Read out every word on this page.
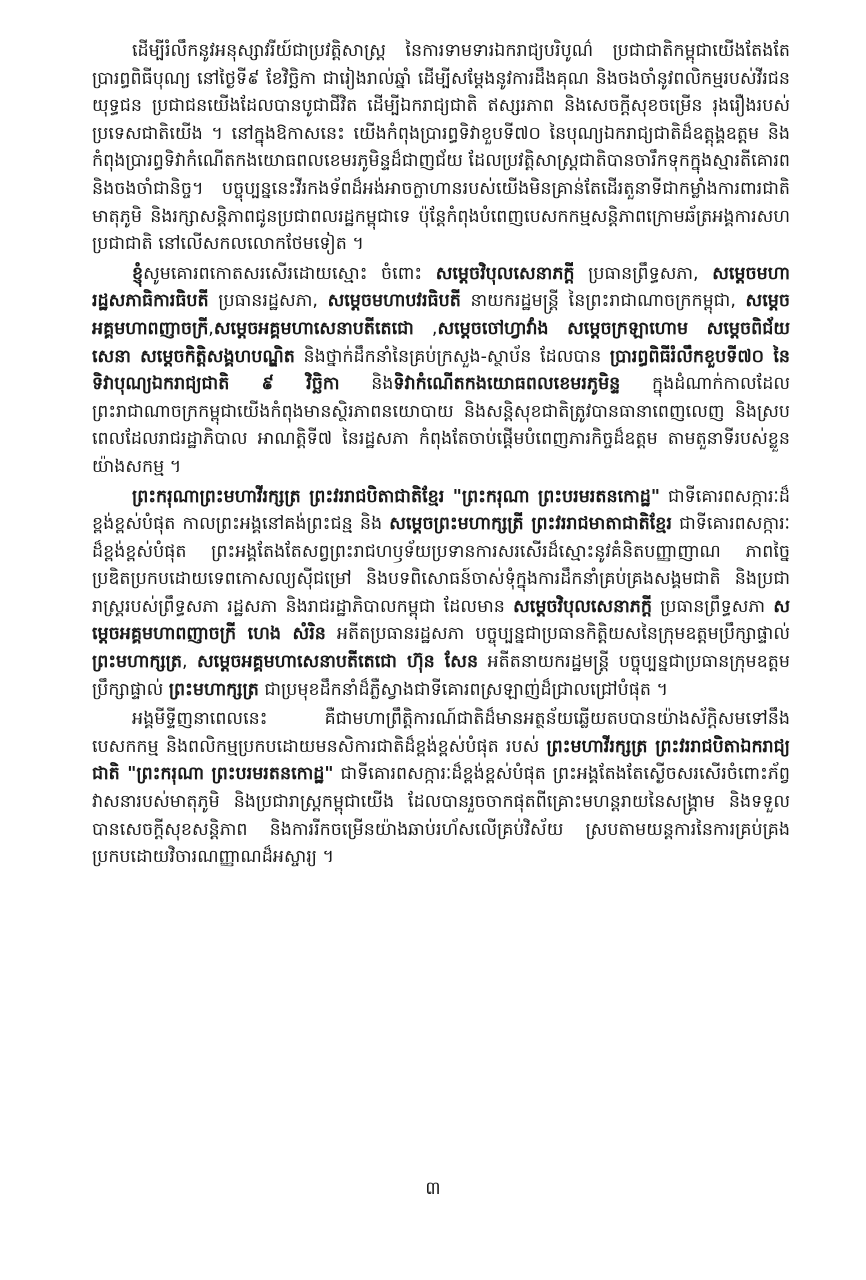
ដើម្បីរំលឹកនូវអនុស្សាវរីយ៍ជាប្រវត្តិសាស្ត្រ នៃការទាមទារឯករាជ្យបរិបូណ៌ ប្រជាជាតិកម្ពុជាយើងតែងតែប្រារព្ធពិធីបុណ្យ នៅថ្ងៃទី៩ ខែវិច្ឆិកា ជារៀងរាល់ឆ្នាំ ដើម្បីសម្តែងនូវការដឹងគុណ និងចងចាំនូវពលិកម្មរបស់វីរជន យុទ្ធជន ប្រជាជនយើងដែលបានបូជាជីវិត ដើម្បីឯករាជ្យជាតិ ឥស្សរភាព និងសេចក្តីសុខចម្រើន រុងរឿងរបស់ប្រទេសជាតិយើង ។ នៅក្នុងឱកាសនេះ យើងកំពុងប្រារព្ធទិវាខួបទី៧០ នៃបុណ្យឯករាជ្យជាតិដ៏ឧត្តុង្គឧត្តម និងកំពុងប្រារព្ធទិវាកំណើតកងយោធពលខេមរភូមិន្ទដ៏ជាញជ័យ ដែលប្រវត្តិសាស្ត្រជាតិបានចារឹកទុកក្នុងស្មារតីគោរព និងចងចាំជានិច្ច។ បច្ចុប្បន្ននេះវីរកងទ័ពដ៏អង់អាចក្លាហានរបស់យើងមិនគ្រាន់តែដើរតួនាទីជាកម្លាំងការពារជាតិមាតុភូមិ និងរក្សាសន្តិភាពជូនប្រជាពលរដ្ឋកម្ពុជាទេ ប៉ុន្តែកំពុងបំពេញបេសកកម្មសន្តិភាពក្រោមឆ័ត្រអង្គការសហប្រជាជាតិ នៅលើសកលលោកថែមទៀត ។

ខ្ញុំសូមគោរពកោតសរសើរដោយស្មោះ ចំពោះ សម្តេចវិបុលសេនាភក្តី ប្រធានព្រឹទ្ធសភា, សម្តេចមហារដ្ឋសភាធិការធិបតី ប្រធានរដ្ឋសភា, សម្តេចមហាបវរធិបតី នាយករដ្ឋមន្ត្រី នៃព្រះរាជាណាចក្រកម្ពុជា, សម្តេចអគ្គមហាពញាចក្រី,សម្តេចអគ្គមហាសេនាបតីតេជោ ,សម្តេចចៅហ្វាវាំង សម្តេចក្រឡាហោម សម្តេចពិជ័យសេនា សម្តេចកិត្តិសង្គហបណ្ឌិត និងថ្នាក់ដឹកនាំនៃគ្រប់ក្រសួង-ស្ថាប័ន ដែលបាន ប្រារព្ធពិធីរំលឹកខួបទី៧០ នៃទិវាបុណ្យឯករាជ្យជាតិ ៩ វិច្ឆិកា និងទិវាកំណើតកងយោធពលខេមរភូមិន្ទ ក្នុងដំណាក់កាលដែលព្រះរាជាណាចក្រកម្ពុជាយើងកំពុងមានស្ថិរភាពនយោបាយ និងសន្តិសុខជាតិត្រូវបានធានាពេញលេញ និងស្របពេលដែលរាជរដ្ឋាភិបាល អាណត្តិទី៧ នៃរដ្ឋសភា កំពុងតែចាប់ផ្តើមបំពេញភារកិច្ចដ៏ឧត្តម តាមតួនាទីរបស់ខ្លួនយ៉ាងសកម្ម ។

ព្រះករុណាព្រះមហាវីរក្សត្រ ព្រះវររាជបិតាជាតិខ្មែរ "ព្រះករុណា ព្រះបរមរតនកោដ្ឋ" ជាទីគោរពសក្ការៈដ៏ខ្ពង់ខ្ពស់បំផុត កាលព្រះអង្គនៅគង់ព្រះជន្ម និង សម្តេចព្រះមហាក្សត្រី ព្រះវររាជមាតាជាតិខ្មែរ ជាទីគោរពសក្ការៈដ៏ខ្ពង់ខ្ពស់បំផុត ព្រះអង្គតែងតែសព្វព្រះរាជហឫទ័យប្រទានការសរសើរដ៏ស្មោះនូវគំនិតបញ្ញាញាណ ភាពច្នៃប្រឌិតប្រកបដោយទេពកោសល្យស៊ីជម្រៅ និងបទពិសោធន៍ចាស់ទុំក្នុងការដឹកនាំគ្រប់គ្រងសង្គមជាតិ និងប្រជារាស្ត្ររបស់ព្រឹទ្ធសភា រដ្ឋសភា និងរាជរដ្ឋាភិបាលកម្ពុជា ដែលមាន សម្តេចវិបុលសេនាភក្តី ប្រធានព្រឹទ្ធសភា សម្តេចអគ្គមហាពញាចក្រី ហេង សំរិន អតីតប្រធានរដ្ឋសភា បច្ចុប្បន្នជាប្រធានកិត្តិយសនៃក្រុមឧត្តមប្រឹក្សាផ្ទាល់ ព្រះមហាក្សត្រ, សម្តេចអគ្គមហាសេនាបតីតេជោ ហ៊ុន សែន អតីតនាយករដ្ឋមន្ត្រី បច្ចុប្បន្នជាប្រធានក្រុមឧត្តមប្រឹក្សាផ្ទាល់ ព្រះមហាក្សត្រ ជាប្រមុខដឹកនាំដ៏ភ្លឺស្វាងជាទីគោរពស្រឡាញ់ដ៏ជ្រាលជ្រៅបំផុត ។

អង្គមីទ្ទីញនាពេលនេះ គឺជាមហាព្រឹត្តិការណ៍ជាតិដ៏មានអត្ថន័យឆ្លើយតបបានយ៉ាងស័ក្តិសមទៅនឹងបេសកកម្ម និងពលិកម្មប្រកបដោយមនសិការជាតិដ៏ខ្ពង់ខ្ពស់បំផុត របស់ ព្រះមហាវីរក្សត្រ ព្រះវររាជបិតាឯករាជ្យជាតិ "ព្រះករុណា ព្រះបរមរតនកោដ្ឋ" ជាទីគោរពសក្ការៈដ៏ខ្ពង់ខ្ពស់បំផុត ព្រះអង្គតែងតែស្ងើចសរសើរចំពោះភ័ព្វវាសនារបស់មាតុភូមិ និងប្រជារាស្ត្រកម្ពុជាយើង ដែលបានរួចចាកផុតពីគ្រោះមហន្តរាយនៃសង្គ្រាម និងទទួលបានសេចក្តីសុខសន្តិភាព និងការរីកចម្រើនយ៉ាងឆាប់រហ័សលើគ្រប់វិស័យ ស្របតាមយន្តការនៃការគ្រប់គ្រងប្រកបដោយវិចារណញ្ញាណដ៏អស្ចារ្យ ។

៣
